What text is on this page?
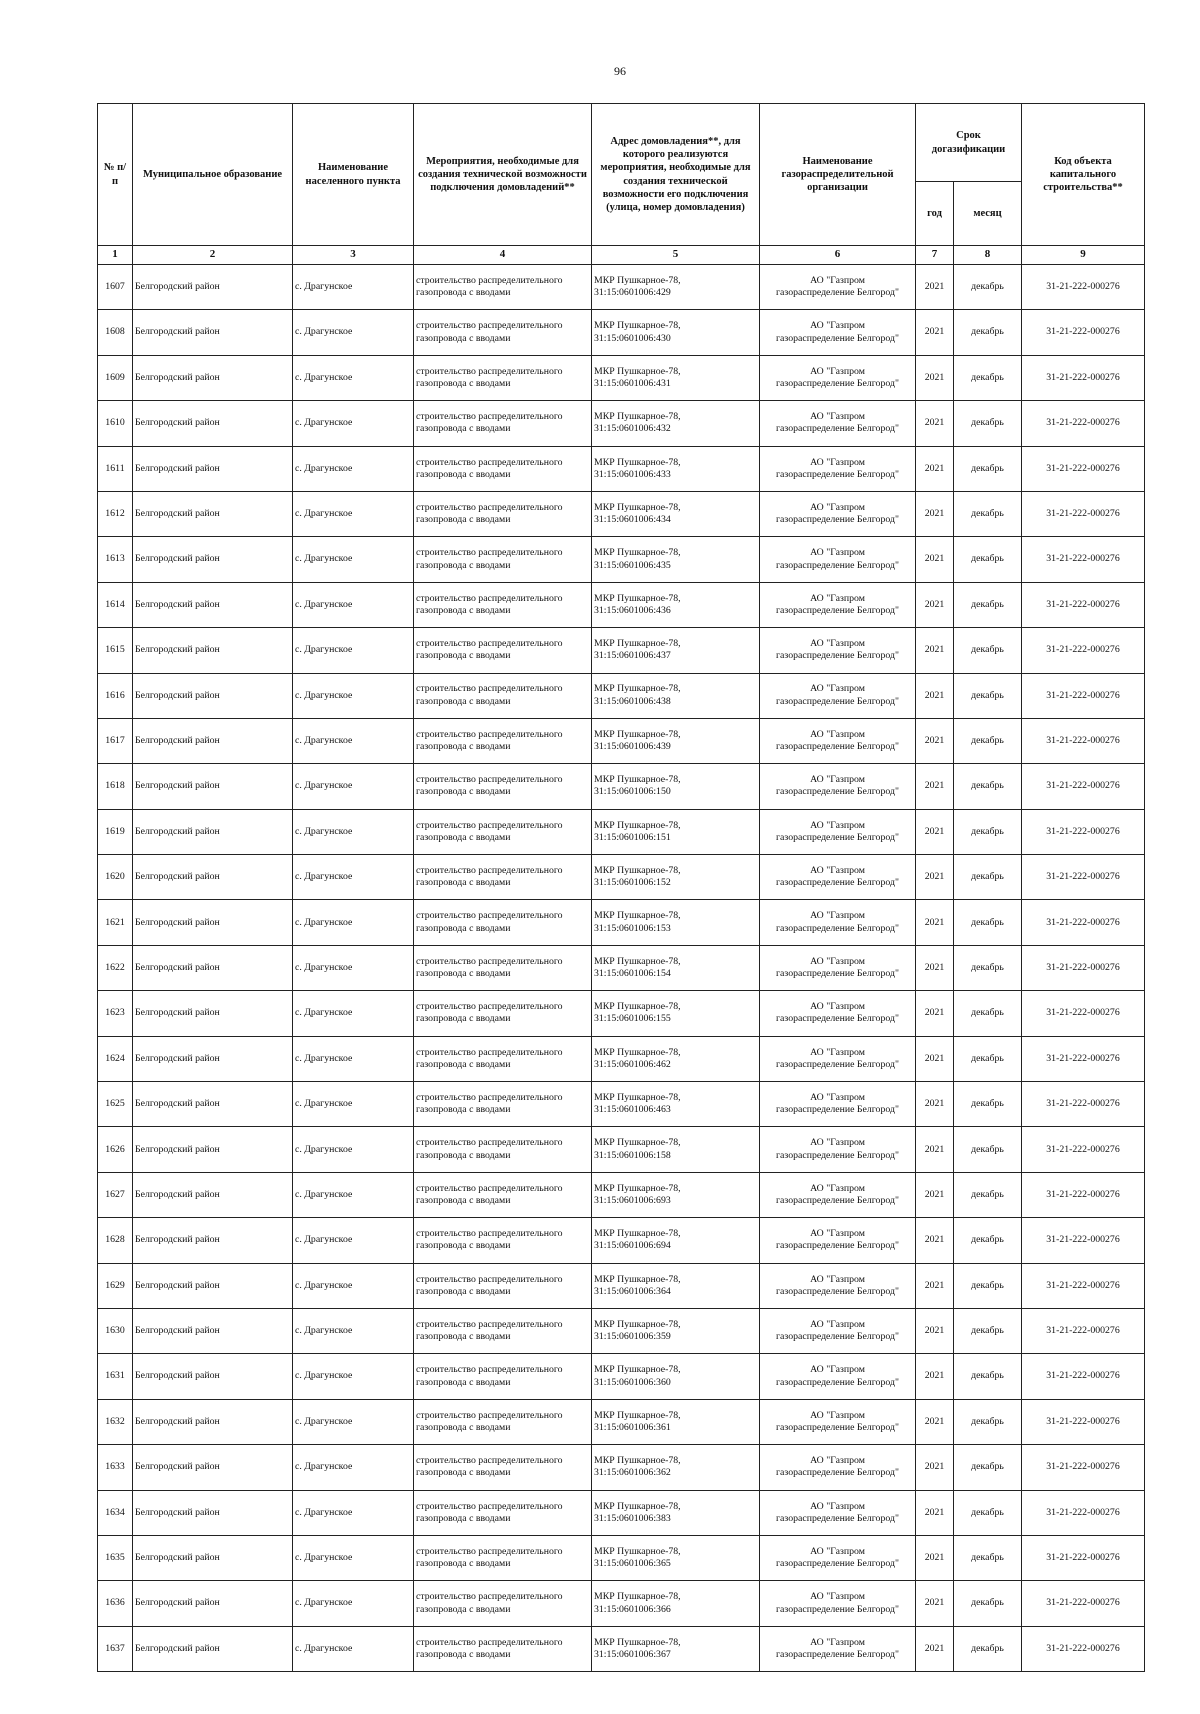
96
№ п/п	Муниципальное образование	Наименование населенного пункта	Мероприятия, необходимые для создания технической возможности подключения домовладений**	Адрес домовладения**, для которого реализуются мероприятия, необходимые для создания технической возможности его подключения (улица, номер домовладения)	Наименование газораспределительной организации	Срок догазификации		Код объекта капитального строительства**
						год	месяц	
1	2	3	4	5	6	7	8	9
1607	Белгородский район	с. Драгунское	строительство распределительного
газопровода с вводами	МКР Пушкарное-78,
31:15:0601006:429	АО "Газпром
газораспределение Белгород"	2021	декабрь	31-21-222-000276
1608	Белгородский район	с. Драгунское	строительство распределительного
газопровода с вводами	МКР Пушкарное-78,
31:15:0601006:430	АО "Газпром
газораспределение Белгород"	2021	декабрь	31-21-222-000276
1609	Белгородский район	с. Драгунское	строительство распределительного
газопровода с вводами	МКР Пушкарное-78,
31:15:0601006:431	АО "Газпром
газораспределение Белгород"	2021	декабрь	31-21-222-000276
1610	Белгородский район	с. Драгунское	строительство распределительного
газопровода с вводами	МКР Пушкарное-78,
31:15:0601006:432	АО "Газпром
газораспределение Белгород"	2021	декабрь	31-21-222-000276
1611	Белгородский район	с. Драгунское	строительство распределительного
газопровода с вводами	МКР Пушкарное-78,
31:15:0601006:433	АО "Газпром
газораспределение Белгород"	2021	декабрь	31-21-222-000276
1612	Белгородский район	с. Драгунское	строительство распределительного
газопровода с вводами	МКР Пушкарное-78,
31:15:0601006:434	АО "Газпром
газораспределение Белгород"	2021	декабрь	31-21-222-000276
1613	Белгородский район	с. Драгунское	строительство распределительного
газопровода с вводами	МКР Пушкарное-78,
31:15:0601006:435	АО "Газпром
газораспределение Белгород"	2021	декабрь	31-21-222-000276
1614	Белгородский район	с. Драгунское	строительство распределительного
газопровода с вводами	МКР Пушкарное-78,
31:15:0601006:436	АО "Газпром
газораспределение Белгород"	2021	декабрь	31-21-222-000276
1615	Белгородский район	с. Драгунское	строительство распределительного
газопровода с вводами	МКР Пушкарное-78,
31:15:0601006:437	АО "Газпром
газораспределение Белгород"	2021	декабрь	31-21-222-000276
1616	Белгородский район	с. Драгунское	строительство распределительного
газопровода с вводами	МКР Пушкарное-78,
31:15:0601006:438	АО "Газпром
газораспределение Белгород"	2021	декабрь	31-21-222-000276
1617	Белгородский район	с. Драгунское	строительство распределительного
газопровода с вводами	МКР Пушкарное-78,
31:15:0601006:439	АО "Газпром
газораспределение Белгород"	2021	декабрь	31-21-222-000276
1618	Белгородский район	с. Драгунское	строительство распределительного
газопровода с вводами	МКР Пушкарное-78,
31:15:0601006:150	АО "Газпром
газораспределение Белгород"	2021	декабрь	31-21-222-000276
1619	Белгородский район	с. Драгунское	строительство распределительного
газопровода с вводами	МКР Пушкарное-78,
31:15:0601006:151	АО "Газпром
газораспределение Белгород"	2021	декабрь	31-21-222-000276
1620	Белгородский район	с. Драгунское	строительство распределительного
газопровода с вводами	МКР Пушкарное-78,
31:15:0601006:152	АО "Газпром
газораспределение Белгород"	2021	декабрь	31-21-222-000276
1621	Белгородский район	с. Драгунское	строительство распределительного
газопровода с вводами	МКР Пушкарное-78,
31:15:0601006:153	АО "Газпром
газораспределение Белгород"	2021	декабрь	31-21-222-000276
1622	Белгородский район	с. Драгунское	строительство распределительного
газопровода с вводами	МКР Пушкарное-78,
31:15:0601006:154	АО "Газпром
газораспределение Белгород"	2021	декабрь	31-21-222-000276
1623	Белгородский район	с. Драгунское	строительство распределительного
газопровода с вводами	МКР Пушкарное-78,
31:15:0601006:155	АО "Газпром
газораспределение Белгород"	2021	декабрь	31-21-222-000276
1624	Белгородский район	с. Драгунское	строительство распределительного
газопровода с вводами	МКР Пушкарное-78,
31:15:0601006:462	АО "Газпром
газораспределение Белгород"	2021	декабрь	31-21-222-000276
1625	Белгородский район	с. Драгунское	строительство распределительного
газопровода с вводами	МКР Пушкарное-78,
31:15:0601006:463	АО "Газпром
газораспределение Белгород"	2021	декабрь	31-21-222-000276
1626	Белгородский район	с. Драгунское	строительство распределительного
газопровода с вводами	МКР Пушкарное-78,
31:15:0601006:158	АО "Газпром
газораспределение Белгород"	2021	декабрь	31-21-222-000276
1627	Белгородский район	с. Драгунское	строительство распределительного
газопровода с вводами	МКР Пушкарное-78,
31:15:0601006:693	АО "Газпром
газораспределение Белгород"	2021	декабрь	31-21-222-000276
1628	Белгородский район	с. Драгунское	строительство распределительного
газопровода с вводами	МКР Пушкарное-78,
31:15:0601006:694	АО "Газпром
газораспределение Белгород"	2021	декабрь	31-21-222-000276
1629	Белгородский район	с. Драгунское	строительство распределительного
газопровода с вводами	МКР Пушкарное-78,
31:15:0601006:364	АО "Газпром
газораспределение Белгород"	2021	декабрь	31-21-222-000276
1630	Белгородский район	с. Драгунское	строительство распределительного
газопровода с вводами	МКР Пушкарное-78,
31:15:0601006:359	АО "Газпром
газораспределение Белгород"	2021	декабрь	31-21-222-000276
1631	Белгородский район	с. Драгунское	строительство распределительного
газопровода с вводами	МКР Пушкарное-78,
31:15:0601006:360	АО "Газпром
газораспределение Белгород"	2021	декабрь	31-21-222-000276
1632	Белгородский район	с. Драгунское	строительство распределительного
газопровода с вводами	МКР Пушкарное-78,
31:15:0601006:361	АО "Газпром
газораспределение Белгород"	2021	декабрь	31-21-222-000276
1633	Белгородский район	с. Драгунское	строительство распределительного
газопровода с вводами	МКР Пушкарное-78,
31:15:0601006:362	АО "Газпром
газораспределение Белгород"	2021	декабрь	31-21-222-000276
1634	Белгородский район	с. Драгунское	строительство распределительного
газопровода с вводами	МКР Пушкарное-78,
31:15:0601006:383	АО "Газпром
газораспределение Белгород"	2021	декабрь	31-21-222-000276
1635	Белгородский район	с. Драгунское	строительство распределительного
газопровода с вводами	МКР Пушкарное-78,
31:15:0601006:365	АО "Газпром
газораспределение Белгород"	2021	декабрь	31-21-222-000276
1636	Белгородский район	с. Драгунское	строительство распределительного
газопровода с вводами	МКР Пушкарное-78,
31:15:0601006:366	АО "Газпром
газораспределение Белгород"	2021	декабрь	31-21-222-000276
1637	Белгородский район	с. Драгунское	строительство распределительного
газопровода с вводами	МКР Пушкарное-78,
31:15:0601006:367	АО "Газпром
газораспределение Белгород"	2021	декабрь	31-21-222-000276
